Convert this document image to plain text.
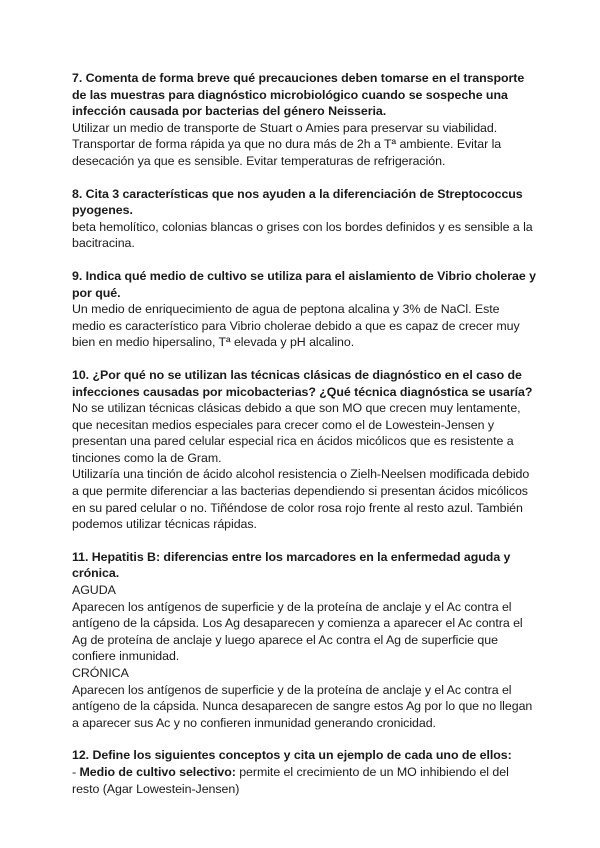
7. Comenta de forma breve qué precauciones deben tomarse en el transporte de las muestras para diagnóstico microbiológico cuando se sospeche una infección causada por bacterias del género Neisseria.

Utilizar un medio de transporte de Stuart o Amies para preservar su viabilidad. Transportar de forma rápida ya que no dura más de 2h a Tª ambiente. Evitar la desecación ya que es sensible. Evitar temperaturas de refrigeración.

8. Cita 3 características que nos ayuden a la diferenciación de Streptococcus pyogenes.

beta hemolítico, colonias blancas o grises con los bordes definidos y es sensible a la bacitracina.

9. Indica qué medio de cultivo se utiliza para el aislamiento de Vibrio cholerae y por qué.

Un medio de enriquecimiento de agua de peptona alcalina y 3% de NaCl. Este medio es característico para Vibrio cholerae debido a que es capaz de crecer muy bien en medio hipersalino, Tª elevada y pH alcalino.

10. ¿Por qué no se utilizan las técnicas clásicas de diagnóstico en el caso de infecciones causadas por micobacterias? ¿Qué técnica diagnóstica se usaría?

No se utilizan técnicas clásicas debido a que son MO que crecen muy lentamente, que necesitan medios especiales para crecer como el de Lowestein-Jensen y presentan una pared celular especial rica en ácidos micólicos que es resistente a tinciones como la de Gram.

Utilizaría una tinción de ácido alcohol resistencia o Zielh-Neelsen modificada debido a que permite diferenciar a las bacterias dependiendo si presentan ácidos micólicos en su pared celular o no. Tiñéndose de color rosa rojo frente al resto azul. También podemos utilizar técnicas rápidas.

11. Hepatitis B: diferencias entre los marcadores en la enfermedad aguda y crónica.

AGUDA

Aparecen los antígenos de superficie y de la proteína de anclaje y el Ac contra el antígeno de la cápsida. Los Ag desaparecen y comienza a aparecer el Ac contra el Ag de proteína de anclaje y luego aparece el Ac contra el Ag de superficie que confiere inmunidad.

CRÓNICA

Aparecen los antígenos de superficie y de la proteína de anclaje y el Ac contra el antígeno de la cápsida. Nunca desaparecen de sangre estos Ag por lo que no llegan a aparecer sus Ac y no confieren inmunidad generando cronicidad.

12. Define los siguientes conceptos y cita un ejemplo de cada uno de ellos:

- Medio de cultivo selectivo: permite el crecimiento de un MO inhibiendo el del resto (Agar Lowestein-Jensen)
